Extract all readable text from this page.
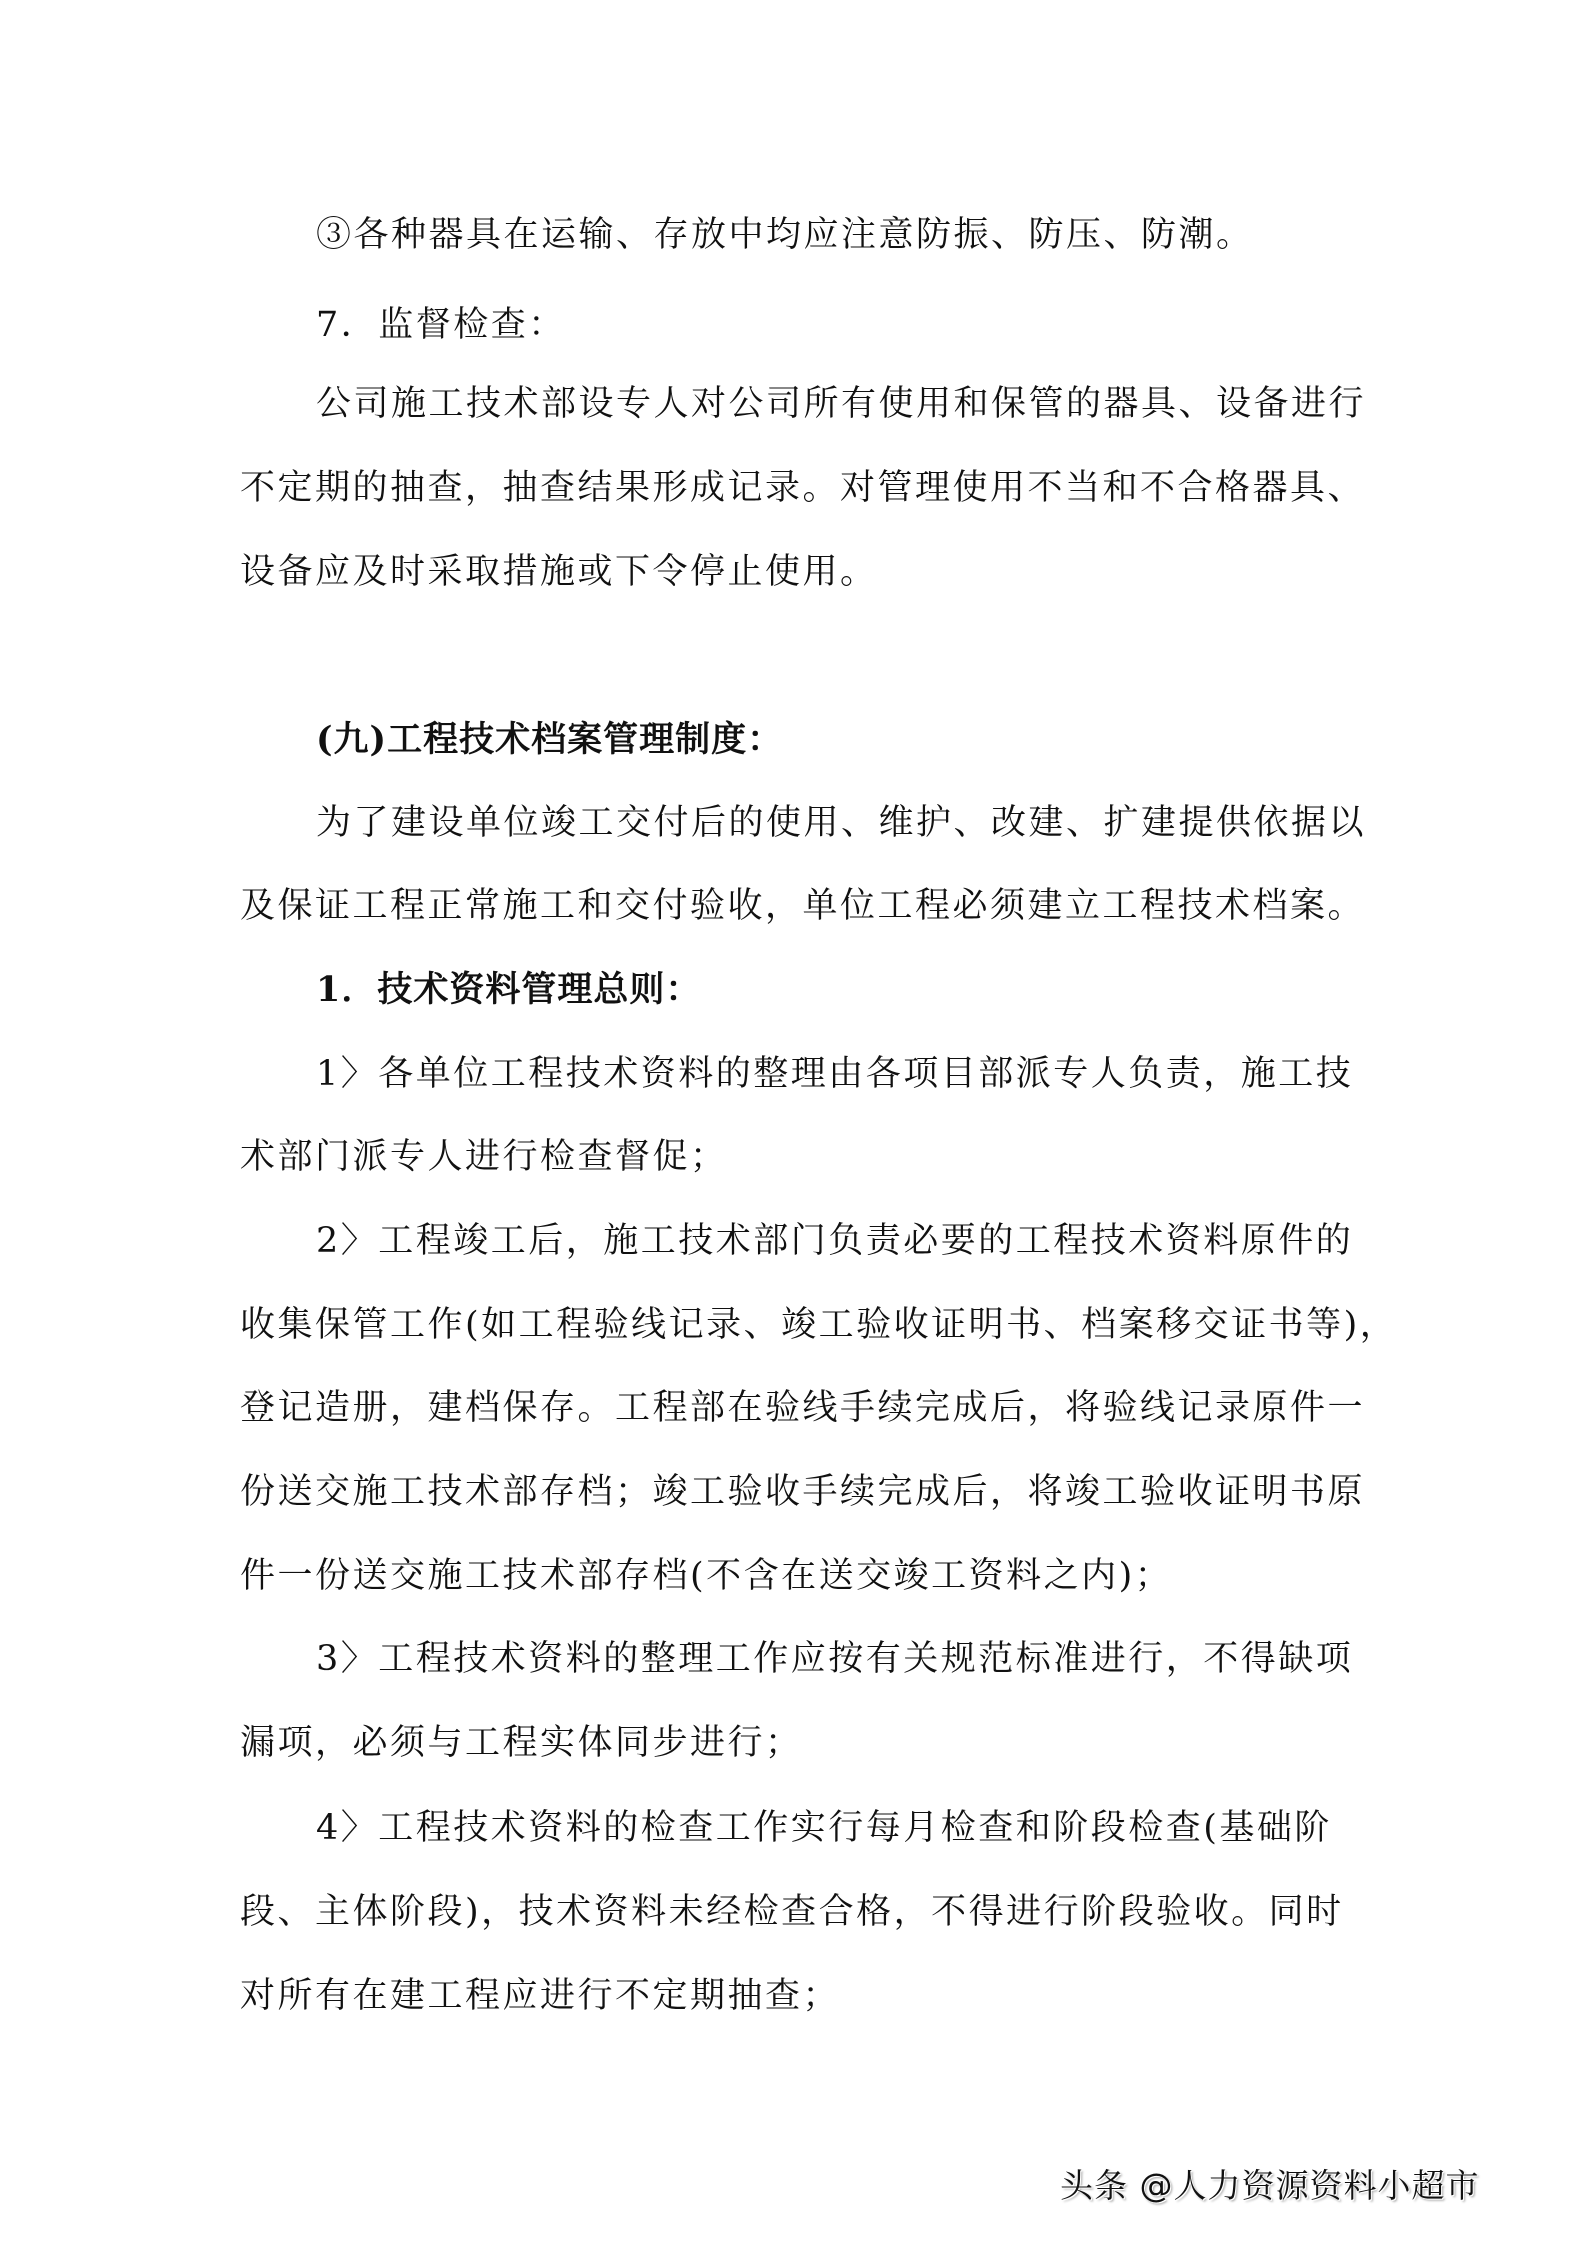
③各种器具在运输、存放中均应注意防振、防压、防潮。
7．监督检查：
公司施工技术部设专人对公司所有使用和保管的器具、设备进行
不定期的抽查，抽查结果形成记录。对管理使用不当和不合格器具、
设备应及时采取措施或下令停止使用。
(九)工程技术档案管理制度：
为了建设单位竣工交付后的使用、维护、改建、扩建提供依据以
及保证工程正常施工和交付验收，单位工程必须建立工程技术档案。
1．技术资料管理总则：
1〉各单位工程技术资料的整理由各项目部派专人负责，施工技
术部门派专人进行检查督促；
2〉工程竣工后，施工技术部门负责必要的工程技术资料原件的
收集保管工作(如工程验线记录、竣工验收证明书、档案移交证书等)，
登记造册，建档保存。工程部在验线手续完成后，将验线记录原件一
份送交施工技术部存档；竣工验收手续完成后，将竣工验收证明书原
件一份送交施工技术部存档(不含在送交竣工资料之内)；
3〉工程技术资料的整理工作应按有关规范标准进行，不得缺项
漏项，必须与工程实体同步进行；
4〉工程技术资料的检查工作实行每月检查和阶段检查(基础阶
段、主体阶段)，技术资料未经检查合格，不得进行阶段验收。同时
对所有在建工程应进行不定期抽查；
头条 @人力资源资料小超市
